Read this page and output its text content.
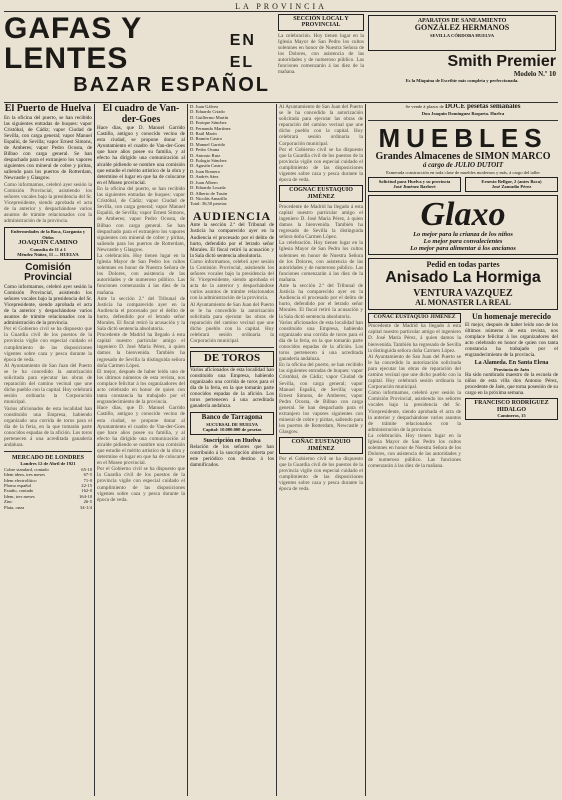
LA PROVINCIA
GAFAS Y LENTES
EN EL
BAZAR ESPAÑOL
SECCIÓN LOCAL Y PROVINCIAL
La celebración. Hoy tienen lugar en la Iglesia Mayor de San Pedro los cultos solemnes en honor de Nuestra Señora de los Dolores, con asistencia de las autoridades y de numeroso público. Las funciones comenzarán á las diez de la mañana.
APARATOS DE SANEAMIENTO
GONZÁLEZ HERMANOS
SEVILLA CÓRDOBA HUELVA
Smith Premier
Modelo N.º 10
Es la Máquina de Escribir más completa y perfeccionada.
El Puerto de Huelva
En la oficina del puerto, se han recibido las siguientes entradas de buques: vapor Cristóbal, de Cádiz; vapor Ciudad de Sevilla, con carga general; vapor Manuel Espaliú, de Sevilla; vapor Ernest Simons, de Amberes; vapor Pedro Ocosta, de Bilbao con carga general. Se han despachado para el extranjero los vapores siguientes con mineral de cobre y piritas, saliendo para los puertos de Rotterdam, Newcastle y Glasgow.
Como informamos, celebró ayer sesión la Comisión Provincial, asistiendo los señores vocales bajo la presidencia del Sr. Vicepresidente, siendo aprobada el acta de la anterior y despachándose varios asuntos de trámite relacionados con la administración de la provincia.
Enfermedades de la Boca, Garganta y Oídos
JOAQUIN CAMINO
Consulta de 11 á 1
Méndez Núñez, 11 — HUELVA
Comisión Provincial
Como informamos, celebró ayer sesión la Comisión Provincial, asistiendo los señores vocales bajo la presidencia del Sr. Vicepresidente, siendo aprobada el acta de la anterior y despachándose varios asuntos de trámite relacionados con la administración de la provincia.
Por el Gobierno civil se ha dispuesto que la Guardia civil de los puestos de la provincia vigile con especial cuidado el cumplimiento de las disposiciones vigentes sobre caza y pesca durante la época de veda.
Al Ayuntamiento de San Juan del Puerto se le ha concedido la autorización solicitada para ejecutar las obras de reparación del camino vecinal que une dicho pueblo con la capital. Hoy celebrará sesión ordinaria la Corporación municipal.
Varios aficionados de esta localidad han constituido una Empresa, habiendo organizado una corrida de toros para el día de la feria, en la que tomarán parte conocidos espadas de la afición. Los toros pertenecen á una acreditada ganadería andaluza.
MERCADO DE LONDRES
Londres 12 de Abril de 1921
Cobre standard, contado	65-10
Idem idem, tres meses	67-5
Idem electrolítico	71-0
Plomo español	22-15
Estaño, contado	162-0
Idem, tres meses	164-10
Zinc	26-5
Plata, onza	34-1/4
El cuadro de Van-der-Goes
Hace días, que D. Manuel Garrido Castillo, antiguo y conocido vecino de esta ciudad, se propone donar al Ayuntamiento el cuadro de Van-der-Goes que hace años posee su familia, y al efecto ha dirigido una comunicación al alcalde pidiendo se nombre una comisión que estudie el mérito artístico de la obra y determine el lugar en que ha de colocarse en el Museo provincial.
En la oficina del puerto, se han recibido las siguientes entradas de buques: vapor Cristóbal, de Cádiz; vapor Ciudad de Sevilla, con carga general; vapor Manuel Espaliú, de Sevilla; vapor Ernest Simons, de Amberes; vapor Pedro Ocosta, de Bilbao con carga general. Se han despachado para el extranjero los vapores siguientes con mineral de cobre y piritas, saliendo para los puertos de Rotterdam, Newcastle y Glasgow.
La celebración. Hoy tienen lugar en la Iglesia Mayor de San Pedro los cultos solemnes en honor de Nuestra Señora de los Dolores, con asistencia de las autoridades y de numeroso público. Las funciones comenzarán á las diez de la mañana.
Ante la sección 2.ª del Tribunal de Justicia ha comparecido ayer en la Audiencia el procesado por el delito de hurto, defendido por el letrado señor Morales. El fiscal retiró la acusación y la Sala dictó sentencia absolutoria.
Procedente de Madrid ha llegado á esta capital nuestro particular amigo el ingeniero D. José María Pérez, á quien damos la bienvenida. También ha regresado de Sevilla la distinguida señora doña Carmen López.
El mejor, después de haber leído uno de los últimos números de esta revista, nos complace felicitar á los organizadores del acto celebrado en honor de quien con tanta constancia ha trabajado por el engrandecimiento de la provincia.
Hace días, que D. Manuel Garrido Castillo, antiguo y conocido vecino de esta ciudad, se propone donar al Ayuntamiento el cuadro de Van-der-Goes que hace años posee su familia, y al efecto ha dirigido una comunicación al alcalde pidiendo se nombre una comisión que estudie el mérito artístico de la obra y determine el lugar en que ha de colocarse en el Museo provincial.
Por el Gobierno civil se ha dispuesto que la Guardia civil de los puestos de la provincia vigile con especial cuidado el cumplimiento de las disposiciones vigentes sobre caza y pesca durante la época de veda.
D. Juan Gálvez
D. Eduardo Criado
D. Guillermo Martín
D. Enrique Sánchez
D. Fernando Martínez
D. Raúl Marín
D. Ramón Castro
D. Manuel Garrido
D. Pedro Osuna
D. Antonio Ruiz
D. Eulogio Sánchez
D. Agustín Castro
D. Juan Romero
D. Andrés Sáez
D. Juan Albero
D. Eduardo Losada
D. Alberto de Tusón
D. Nicolás Amarillo
Total: 36,50 pesetas
AUDIENCIA
Ante la sección 2.ª del Tribunal de Justicia ha comparecido ayer en la Audiencia el procesado por el delito de hurto, defendido por el letrado señor Morales. El fiscal retiró la acusación y la Sala dictó sentencia absolutoria.
Como informamos, celebró ayer sesión la Comisión Provincial, asistiendo los señores vocales bajo la presidencia del Sr. Vicepresidente, siendo aprobada el acta de la anterior y despachándose varios asuntos de trámite relacionados con la administración de la provincia.
Al Ayuntamiento de San Juan del Puerto se le ha concedido la autorización solicitada para ejecutar las obras de reparación del camino vecinal que une dicho pueblo con la capital. Hoy celebrará sesión ordinaria la Corporación municipal.
DE TOROS
Varios aficionados de esta localidad han constituido una Empresa, habiendo organizado una corrida de toros para el día de la feria, en la que tomarán parte conocidos espadas de la afición. Los toros pertenecen á una acreditada ganadería andaluza.
Banco de Tarragona
SUCURSAL DE HUELVA
Capital: 10.000.000 de pesetas
Suscripción en Huelva
Relación de los señores que han contribuido á la suscripción abierta por este periódico con destino á los damnificados.
Al Ayuntamiento de San Juan del Puerto se le ha concedido la autorización solicitada para ejecutar las obras de reparación del camino vecinal que une dicho pueblo con la capital. Hoy celebrará sesión ordinaria la Corporación municipal.
Por el Gobierno civil se ha dispuesto que la Guardia civil de los puestos de la provincia vigile con especial cuidado el cumplimiento de las disposiciones vigentes sobre caza y pesca durante la época de veda.
COGNAC EUSTAQUIO JIMÉNEZ
Procedente de Madrid ha llegado á esta capital nuestro particular amigo el ingeniero D. José María Pérez, á quien damos la bienvenida. También ha regresado de Sevilla la distinguida señora doña Carmen López.
La celebración. Hoy tienen lugar en la Iglesia Mayor de San Pedro los cultos solemnes en honor de Nuestra Señora de los Dolores, con asistencia de las autoridades y de numeroso público. Las funciones comenzarán á las diez de la mañana.
Ante la sección 2.ª del Tribunal de Justicia ha comparecido ayer en la Audiencia el procesado por el delito de hurto, defendido por el letrado señor Morales. El fiscal retiró la acusación y la Sala dictó sentencia absolutoria.
Varios aficionados de esta localidad han constituido una Empresa, habiendo organizado una corrida de toros para el día de la feria, en la que tomarán parte conocidos espadas de la afición. Los toros pertenecen á una acreditada ganadería andaluza.
En la oficina del puerto, se han recibido las siguientes entradas de buques: vapor Cristóbal, de Cádiz; vapor Ciudad de Sevilla, con carga general; vapor Manuel Espaliú, de Sevilla; vapor Ernest Simons, de Amberes; vapor Pedro Ocosta, de Bilbao con carga general. Se han despachado para el extranjero los vapores siguientes con mineral de cobre y piritas, saliendo para los puertos de Rotterdam, Newcastle y Glasgow.
COÑAC EUSTAQUIO JIMÉNEZ
Por el Gobierno civil se ha dispuesto que la Guardia civil de los puestos de la provincia vigile con especial cuidado el cumplimiento de las disposiciones vigentes sobre caza y pesca durante la época de veda.
Se vende á plazos de DOCE pesetas semanales
Don Joaquín Domínguez Roqueta. Huelva
MUEBLES
Grandes Almacenes de SIMON MARCO
á cargo de JULIO DUTOIT
Esmerada construcción en toda clase de muebles modernos y más, á cargo del taller
Solicitud para Huelva y su provincia
José Jiménez Barbert
Ernesto Bellgor, 2 (antes Boca)
José Zamudio Pérez
Glaxo
Lo mejor para la crianza de los niños
Lo mejor para convalecientes
Lo mejor para alimentar á los ancianos
Pedid en todas partes
Anisado La Hormiga
VENTURA VAZQUEZ
AL MONASTER LA REAL
COÑAC EUSTAQUIO JIMÉNEZ
Procedente de Madrid ha llegado á esta capital nuestro particular amigo el ingeniero D. José María Pérez, á quien damos la bienvenida. También ha regresado de Sevilla la distinguida señora doña Carmen López.
Al Ayuntamiento de San Juan del Puerto se le ha concedido la autorización solicitada para ejecutar las obras de reparación del camino vecinal que une dicho pueblo con la capital. Hoy celebrará sesión ordinaria la Corporación municipal.
Como informamos, celebró ayer sesión la Comisión Provincial, asistiendo los señores vocales bajo la presidencia del Sr. Vicepresidente, siendo aprobada el acta de la anterior y despachándose varios asuntos de trámite relacionados con la administración de la provincia.
La celebración. Hoy tienen lugar en la Iglesia Mayor de San Pedro los cultos solemnes en honor de Nuestra Señora de los Dolores, con asistencia de las autoridades y de numeroso público. Las funciones comenzarán á las diez de la mañana.
Un homenaje merecido
El mejor, después de haber leído uno de los últimos números de esta revista, nos complace felicitar á los organizadores del acto celebrado en honor de quien con tanta constancia ha trabajado por el engrandecimiento de la provincia.
La Alameda. En Santa Elena
Provincia de Jaén
Ha sido nombrado maestro de la escuela de niños de esta villa don Antonio Pérez, procedente de Jaén, que toma posesión de su cargo en la próxima semana.
FRANCISCO RODRÍGUEZ HIDALGO
Camineros, 15
